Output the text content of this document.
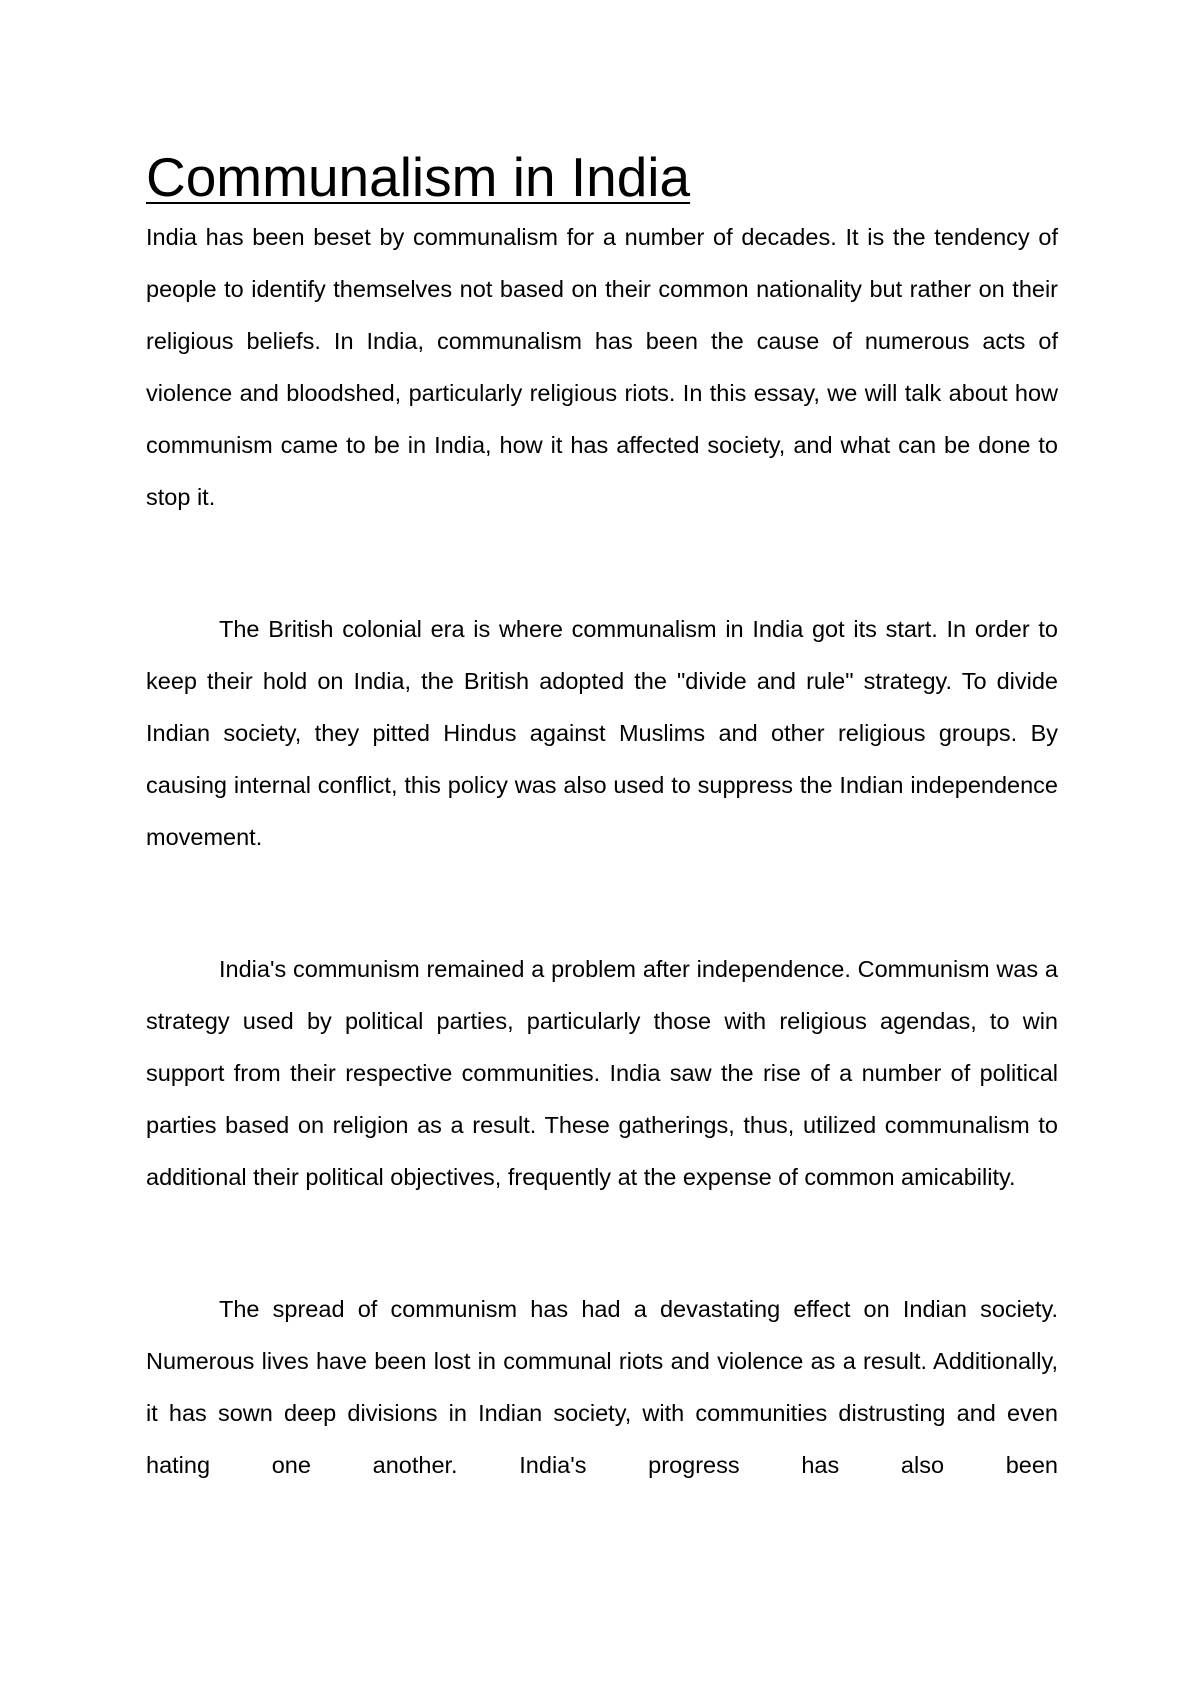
Communalism in India

India has been beset by communalism for a number of decades. It is the tendency of people to identify themselves not based on their common nationality but rather on their religious beliefs. In India, communalism has been the cause of numerous acts of violence and bloodshed, particularly religious riots. In this essay, we will talk about how communism came to be in India, how it has affected society, and what can be done to stop it.

The British colonial era is where communalism in India got its start. In order to keep their hold on India, the British adopted the "divide and rule" strategy. To divide Indian society, they pitted Hindus against Muslims and other religious groups. By causing internal conflict, this policy was also used to suppress the Indian independence movement.

India's communism remained a problem after independence. Communism was a strategy used by political parties, particularly those with religious agendas, to win support from their respective communities. India saw the rise of a number of political parties based on religion as a result. These gatherings, thus, utilized communalism to additional their political objectives, frequently at the expense of common amicability.

The spread of communism has had a devastating effect on Indian society. Numerous lives have been lost in communal riots and violence as a result. Additionally, it has sown deep divisions in Indian society, with communities distrusting and even hating one another. India's progress has also been
